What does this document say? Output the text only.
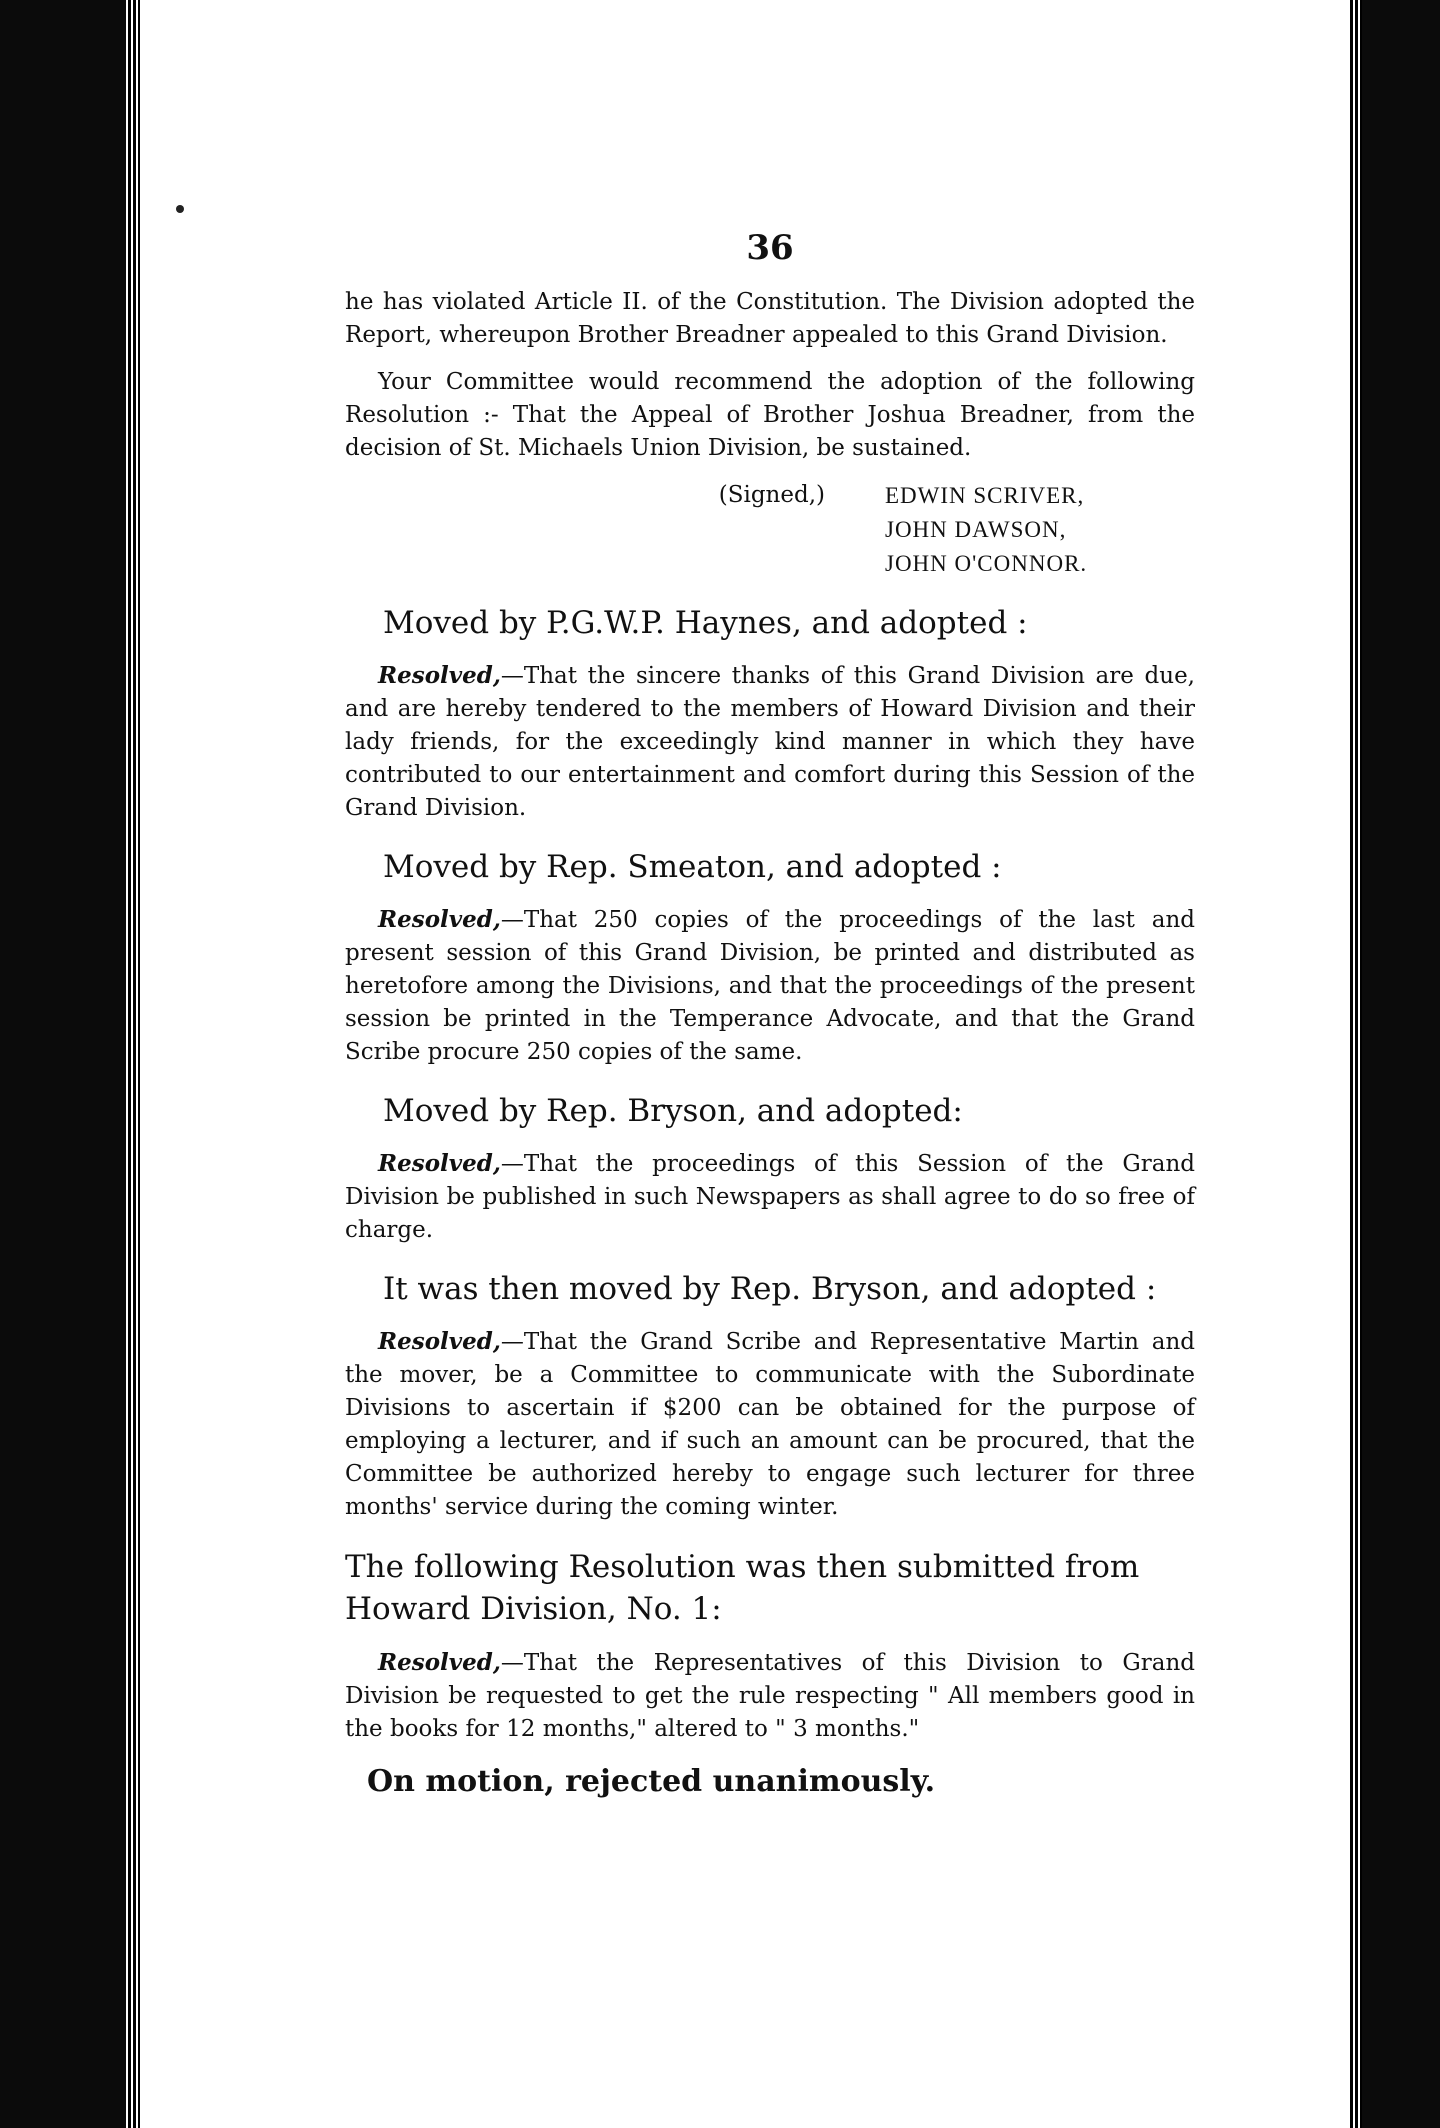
36

he has violated Article II. of the Constitution. The Division adopted the Report, whereupon Brother Breadner appealed to this Grand Division.

Your Committee would recommend the adoption of the following Resolution :- That the Appeal of Brother Joshua Breadner, from the decision of St. Michaels Union Division, be sustained.

(Signed,)	EDWIN SCRIVER,
JOHN DAWSON,
JOHN O'CONNOR.
Moved by P.G.W.P. Haynes, and adopted :

Resolved,—That the sincere thanks of this Grand Division are due, and are hereby tendered to the members of Howard Division and their lady friends, for the exceedingly kind manner in which they have contributed to our entertainment and comfort during this Session of the Grand Division.

Moved by Rep. Smeaton, and adopted :

Resolved,—That 250 copies of the proceedings of the last and present session of this Grand Division, be printed and distributed as heretofore among the Divisions, and that the proceedings of the present session be printed in the Temperance Advocate, and that the Grand Scribe procure 250 copies of the same.

Moved by Rep. Bryson, and adopted:

Resolved,—That the proceedings of this Session of the Grand Division be published in such Newspapers as shall agree to do so free of charge.

It was then moved by Rep. Bryson, and adopted :

Resolved,—That the Grand Scribe and Representative Martin and the mover, be a Committee to communicate with the Subordinate Divisions to ascertain if $200 can be obtained for the purpose of employing a lecturer, and if such an amount can be procured, that the Committee be authorized hereby to engage such lecturer for three months' service during the coming winter.

The following Resolution was then submitted from Howard Division, No. 1:

Resolved,—That the Representatives of this Division to Grand Division be requested to get the rule respecting " All members good in the books for 12 months," altered to " 3 months."

On motion, rejected unanimously.
